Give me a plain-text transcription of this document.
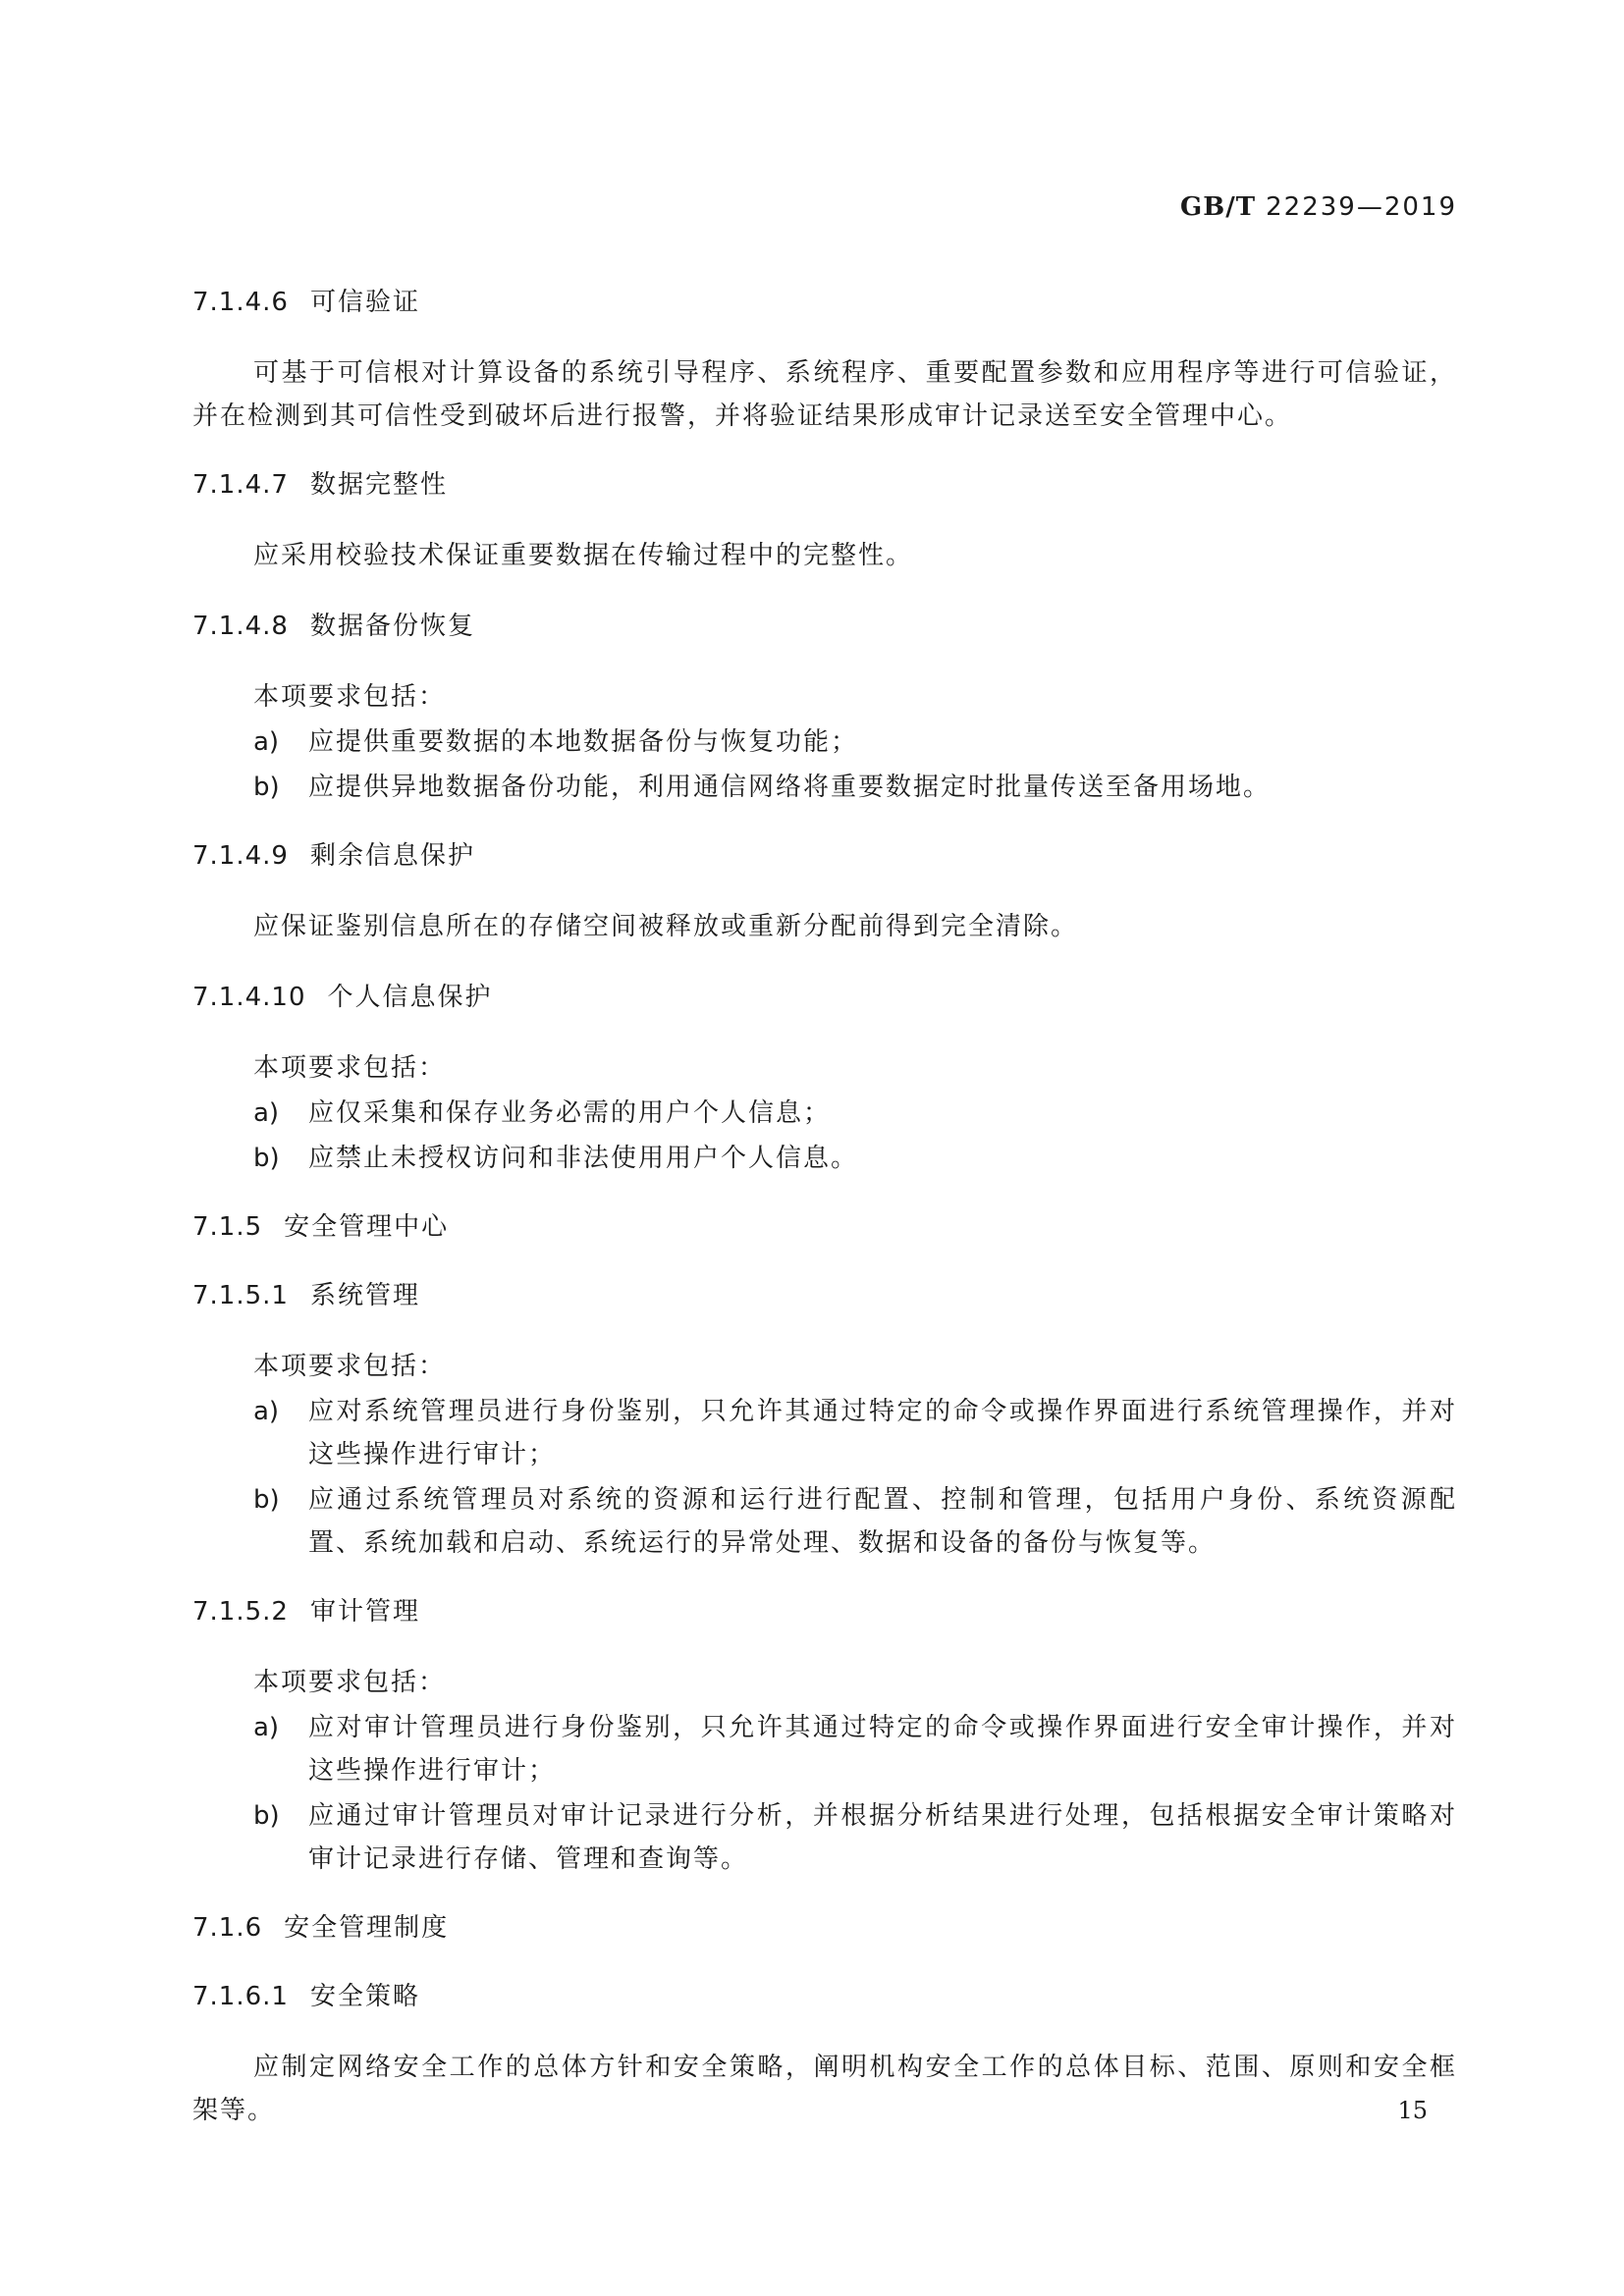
GB/T 22239—2019
7.1.4.6 可信验证
可基于可信根对计算设备的系统引导程序、系统程序、重要配置参数和应用程序等进行可信验证，并在检测到其可信性受到破坏后进行报警，并将验证结果形成审计记录送至安全管理中心。
7.1.4.7 数据完整性
应采用校验技术保证重要数据在传输过程中的完整性。
7.1.4.8 数据备份恢复
本项要求包括：
a)	应提供重要数据的本地数据备份与恢复功能；
b)	应提供异地数据备份功能，利用通信网络将重要数据定时批量传送至备用场地。
7.1.4.9 剩余信息保护
应保证鉴别信息所在的存储空间被释放或重新分配前得到完全清除。
7.1.4.10 个人信息保护
本项要求包括：
a)	应仅采集和保存业务必需的用户个人信息；
b)	应禁止未授权访问和非法使用用户个人信息。
7.1.5 安全管理中心
7.1.5.1 系统管理
本项要求包括：
a)	应对系统管理员进行身份鉴别，只允许其通过特定的命令或操作界面进行系统管理操作，并对这些操作进行审计；
b)	应通过系统管理员对系统的资源和运行进行配置、控制和管理，包括用户身份、系统资源配置、系统加载和启动、系统运行的异常处理、数据和设备的备份与恢复等。
7.1.5.2 审计管理
本项要求包括：
a)	应对审计管理员进行身份鉴别，只允许其通过特定的命令或操作界面进行安全审计操作，并对这些操作进行审计；
b)	应通过审计管理员对审计记录进行分析，并根据分析结果进行处理，包括根据安全审计策略对审计记录进行存储、管理和查询等。
7.1.6 安全管理制度
7.1.6.1 安全策略
应制定网络安全工作的总体方针和安全策略，阐明机构安全工作的总体目标、范围、原则和安全框架等。	15
